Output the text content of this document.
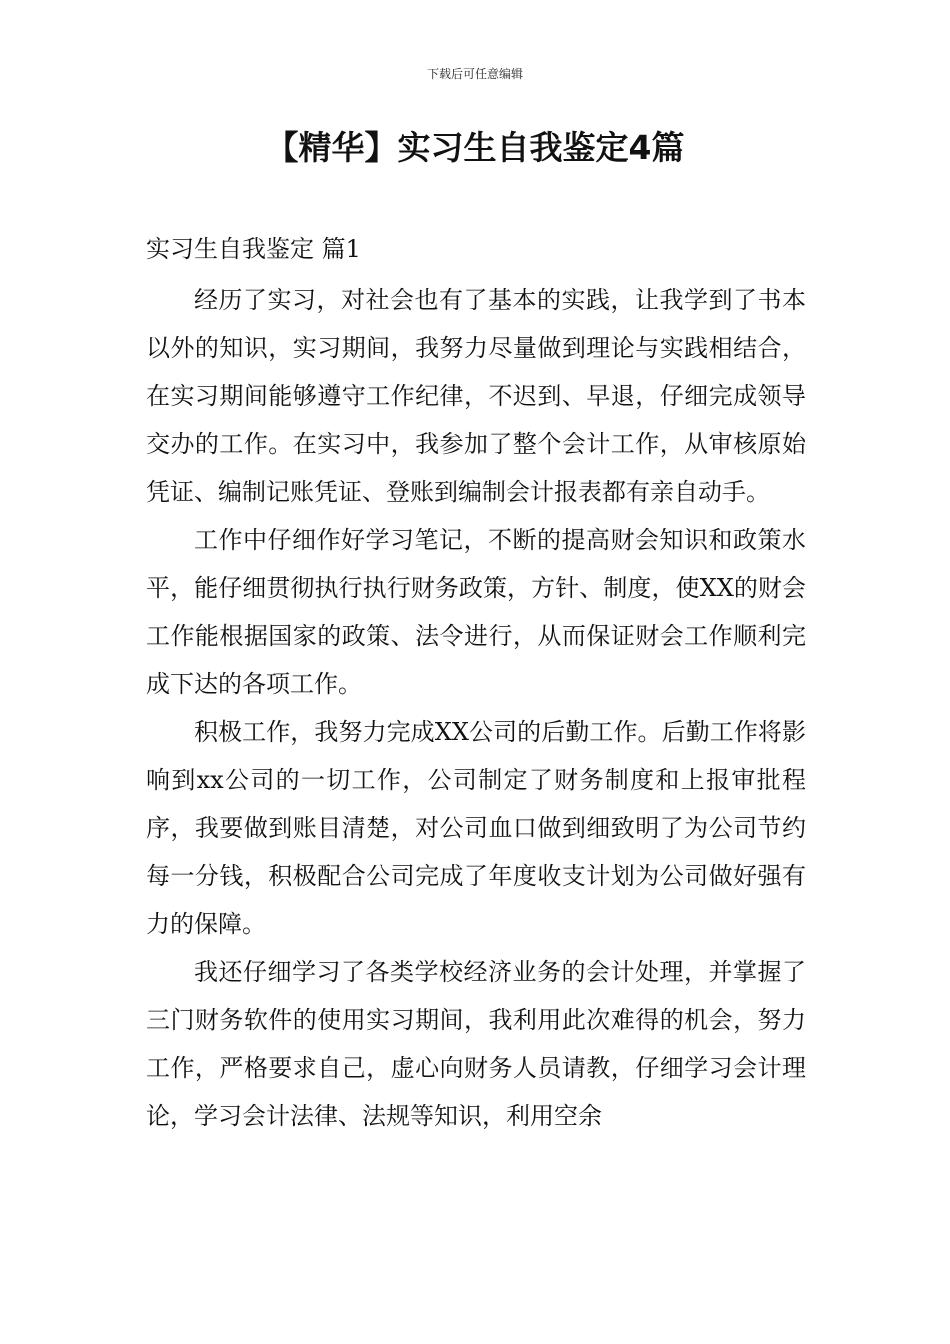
下载后可任意编辑
【精华】实习生自我鉴定4篇

实习生自我鉴定 篇1

经历了实习，对社会也有了基本的实践，让我学到了书本以外的知识，实习期间，我努力尽量做到理论与实践相结合，在实习期间能够遵守工作纪律，不迟到、早退，仔细完成领导交办的工作。在实习中，我参加了整个会计工作，从审核原始凭证、编制记账凭证、登账到编制会计报表都有亲自动手。

工作中仔细作好学习笔记，不断的提高财会知识和政策水平，能仔细贯彻执行执行财务政策，方针、制度，使XX的财会工作能根据国家的政策、法令进行，从而保证财会工作顺利完成下达的各项工作。

积极工作，我努力完成XX公司的后勤工作。后勤工作将影响到xx公司的一切工作，公司制定了财务制度和上报审批程序，我要做到账目清楚，对公司血口做到细致明了为公司节约每一分钱，积极配合公司完成了年度收支计划为公司做好强有力的保障。

我还仔细学习了各类学校经济业务的会计处理，并掌握了三门财务软件的使用实习期间，我利用此次难得的机会，努力工作，严格要求自己，虚心向财务人员请教，仔细学习会计理论，学习会计法律、法规等知识，利用空余
